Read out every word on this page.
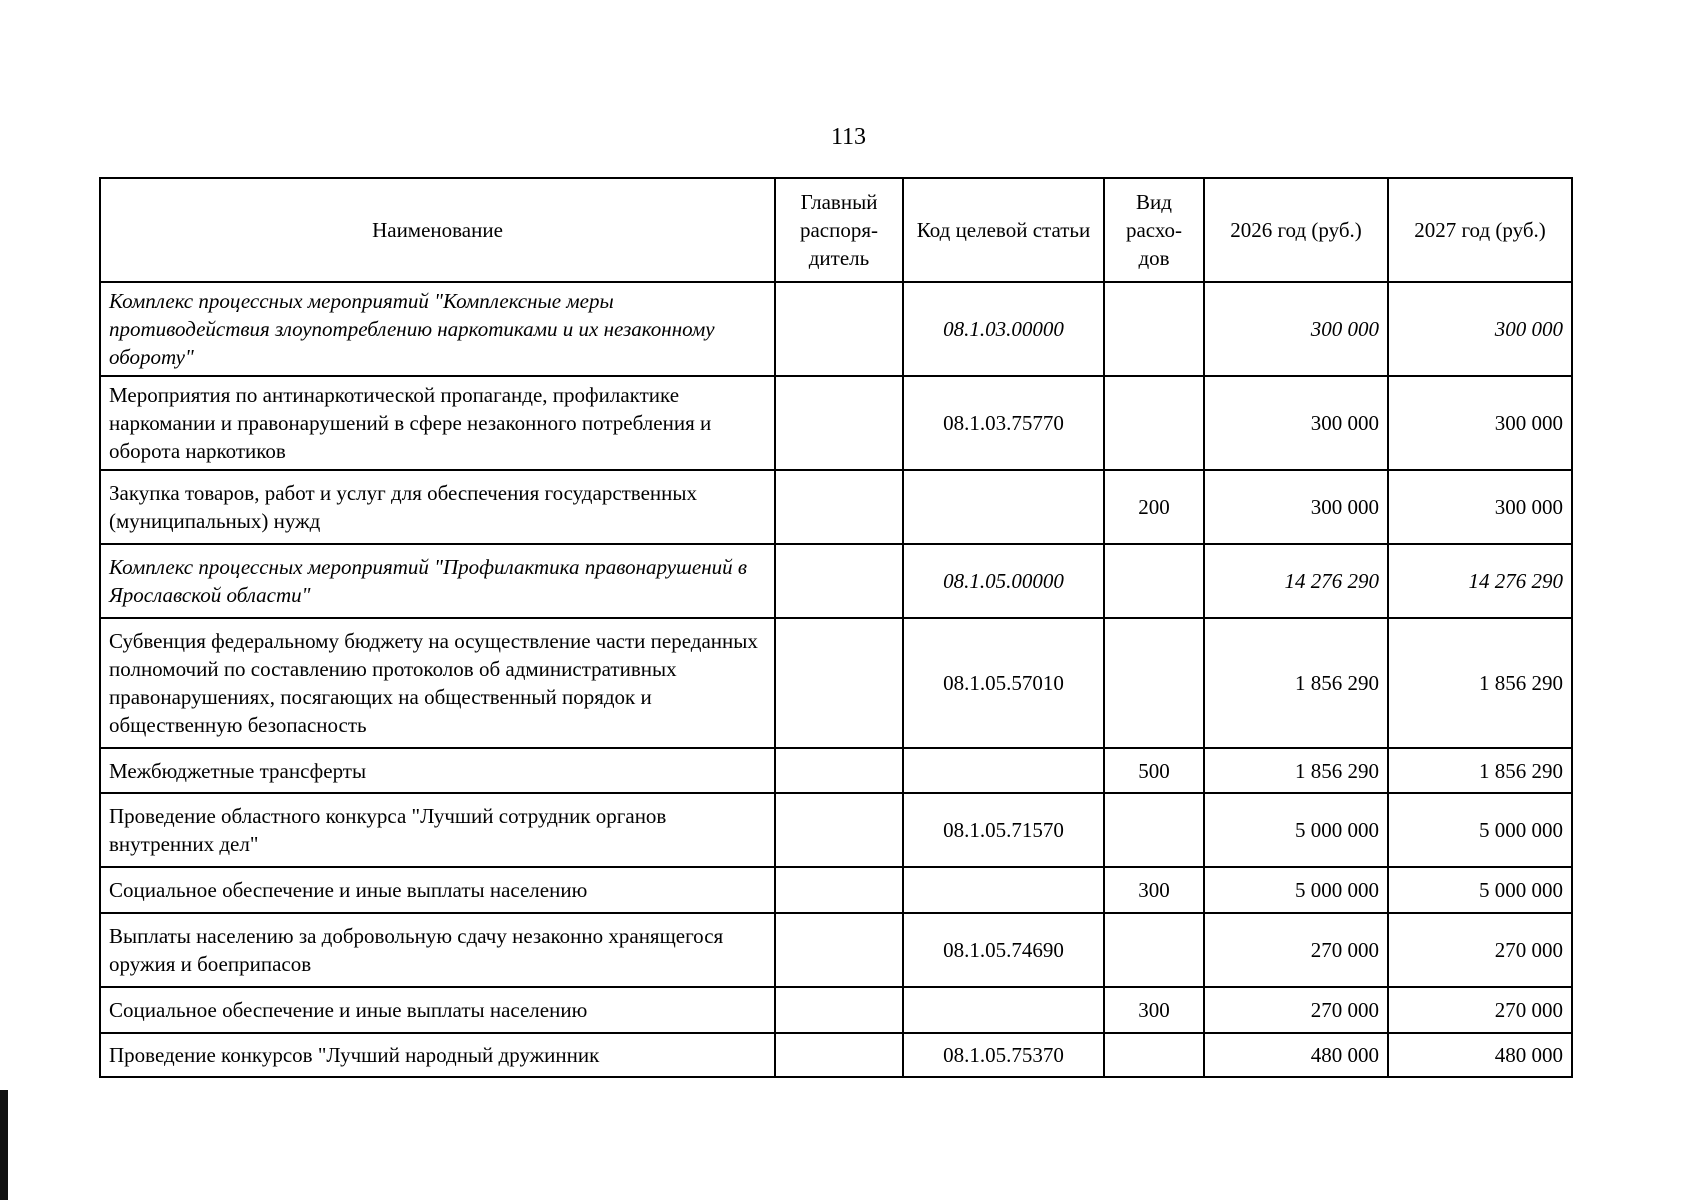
113
Наименование	Главный распоря-дитель	Код целевой статьи	Вид расхо-дов	2026 год (руб.)	2027 год (руб.)
Комплекс процессных мероприятий "Комплексные меры противодействия злоупотреблению наркотиками и их незаконному обороту"		08.1.03.00000		300 000	300 000
Мероприятия по антинаркотической пропаганде, профилактике наркомании и правонарушений в сфере незаконного потребления и оборота наркотиков		08.1.03.75770		300 000	300 000
Закупка товаров, работ и услуг для обеспечения государственных (муниципальных) нужд			200	300 000	300 000
Комплекс процессных мероприятий "Профилактика правонарушений в Ярославской области"		08.1.05.00000		14 276 290	14 276 290
Субвенция федеральному бюджету на осуществление части переданных полномочий по составлению протоколов об административных правонарушениях, посягающих на общественный порядок и общественную безопасность		08.1.05.57010		1 856 290	1 856 290
Межбюджетные трансферты			500	1 856 290	1 856 290
Проведение областного конкурса "Лучший сотрудник органов внутренних дел"		08.1.05.71570		5 000 000	5 000 000
Социальное обеспечение и иные выплаты населению			300	5 000 000	5 000 000
Выплаты населению за добровольную сдачу незаконно хранящегося оружия и боеприпасов		08.1.05.74690		270 000	270 000
Социальное обеспечение и иные выплаты населению			300	270 000	270 000
Проведение конкурсов "Лучший народный дружинник		08.1.05.75370		480 000	480 000
